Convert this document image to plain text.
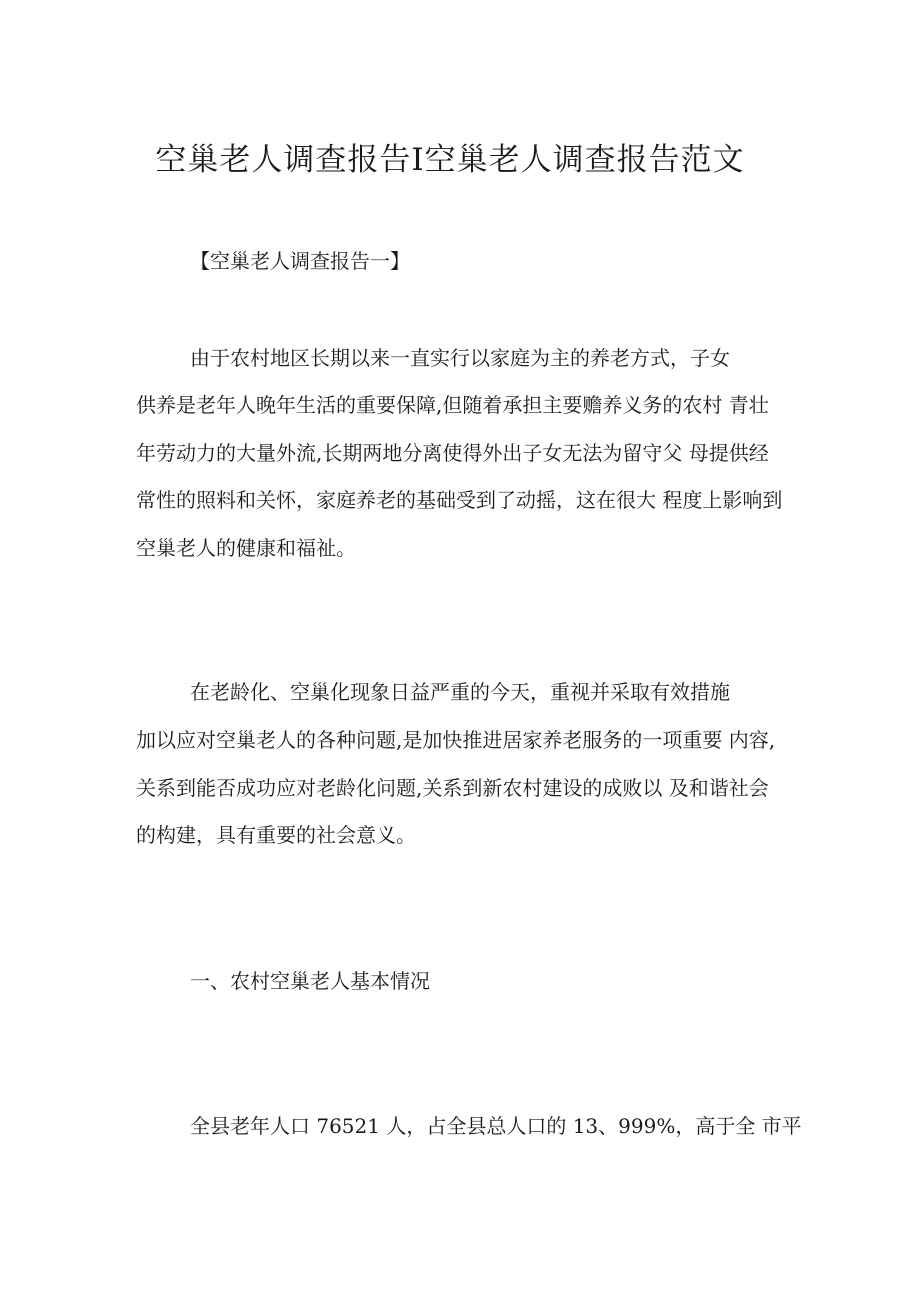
空巢老人调查报告Ⅰ空巢老人调查报告范文
【空巢老人调查报告一】
由于农村地区长期以来一直实行以家庭为主的养老方式，子女
供养是老年人晚年生活的重要保障,但随着承担主要赡养义务的农村 青壮
年劳动力的大量外流,长期两地分离使得外出子女无法为留守父 母提供经
常性的照料和关怀，家庭养老的基础受到了动摇，这在很大 程度上影响到
空巢老人的健康和福祉。
在老龄化、空巢化现象日益严重的今天，重视并采取有效措施
加以应对空巢老人的各种问题,是加快推进居家养老服务的一项重要 内容,
关系到能否成功应对老龄化问题,关系到新农村建设的成败以 及和谐社会
的构建，具有重要的社会意义。
一、农村空巢老人基本情况
全县老年人口 76521 人，占全县总人口的 13、999%，高于全 市平
